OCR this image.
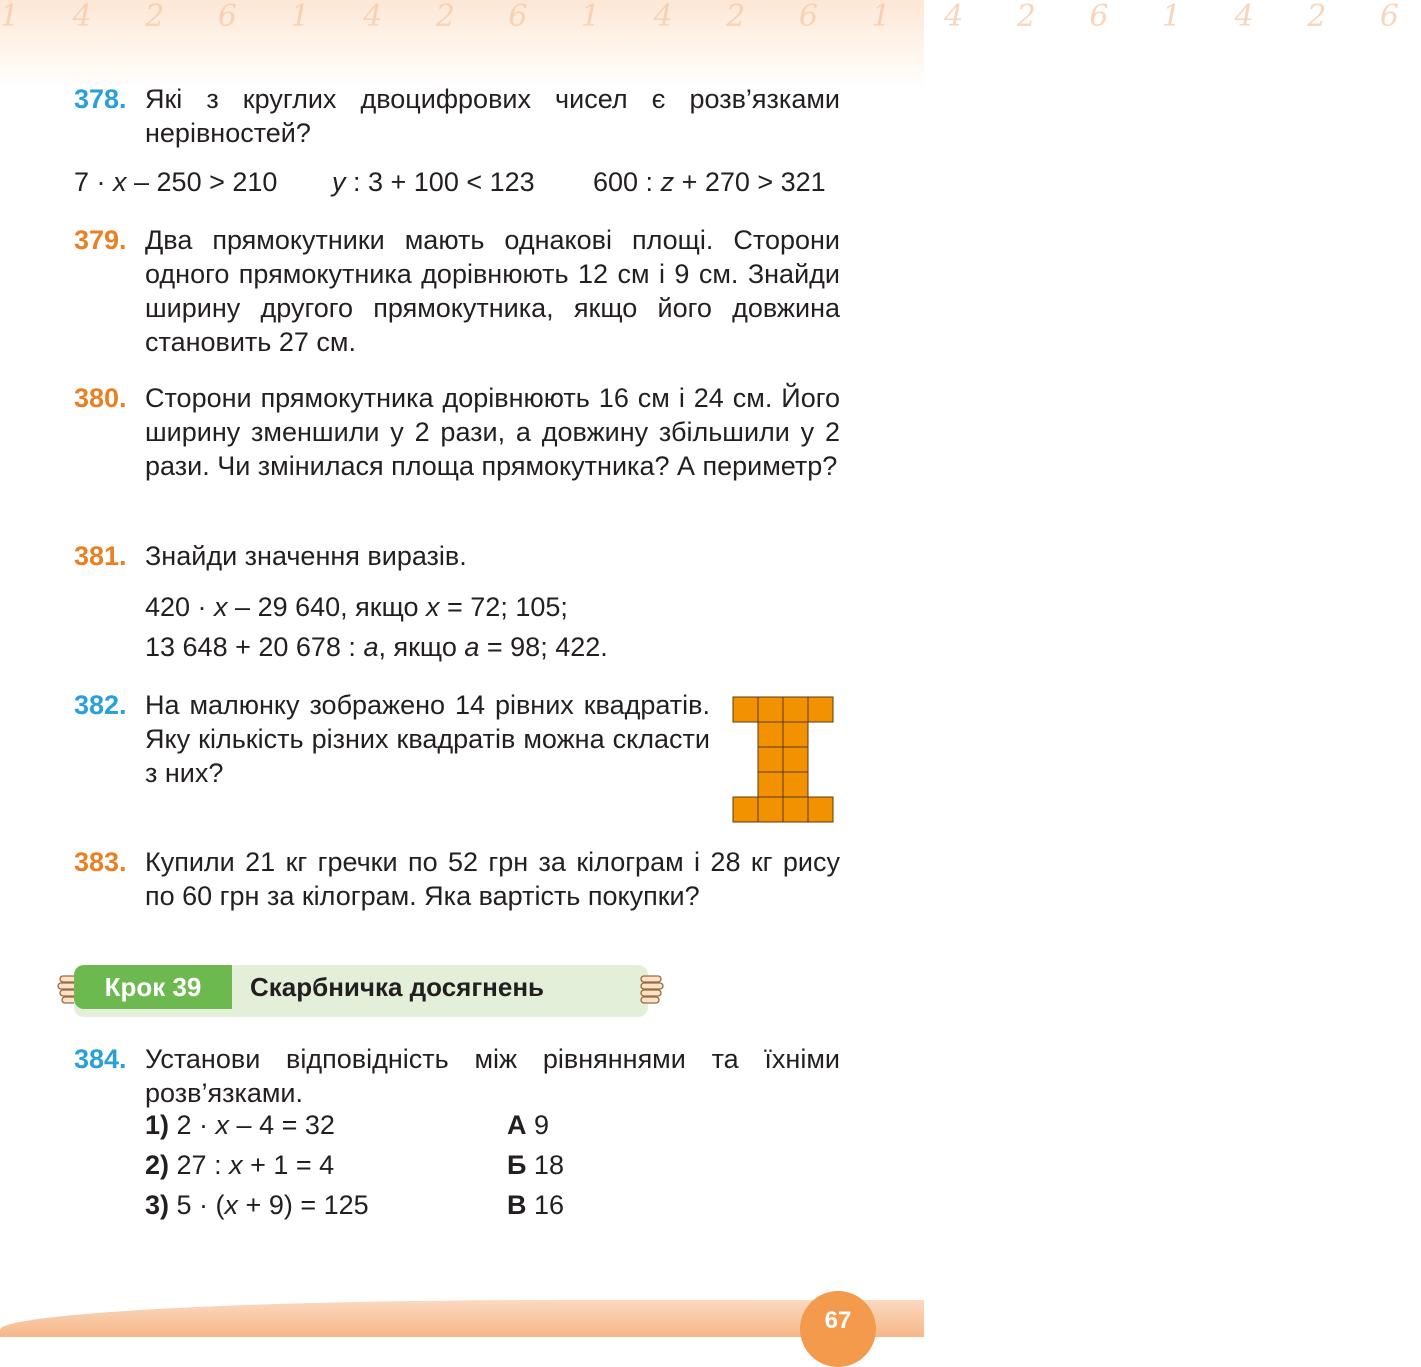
1 4 2 6 1 4 2 6 1 4 2 6 1 4 2 6 1 4 2 6
378. Які з круглих двоцифрових чисел є розв’язками нерівностей?
7 · x – 250 > 210 y : 3 + 100 < 123 600 : z + 270 > 321
379. Два прямокутники мають однакові площі. Сторони одного прямокутника дорівнюють 12 см і 9 см. Знайди ширину другого прямокутника, якщо його довжина становить 27 см.
380. Сторони прямокутника дорівнюють 16 см і 24 см. Його ширину зменшили у 2 рази, а довжину збільшили у 2 рази. Чи змінилася площа прямокутника? А периметр?
381. Знайди значення виразів.
420 · x – 29 640, якщо x = 72; 105;
13 648 + 20 678 : a, якщо a = 98; 422.
382. На малюнку зображено 14 рівних квадратів. Яку кількість різних квадратів можна скласти з них?
383. Купили 21 кг гречки по 52 грн за кілограм і 28 кг рису по 60 грн за кілограм. Яка вартість покупки?
Крок 39	Скарбничка досягнень
384. Установи відповідність між рівняннями та їхніми розв’язками.
1) 2 · x – 4 = 32	А 9
2) 27 : x + 1 = 4	Б 18
3) 5 · (x + 9) = 125	В 16
67
